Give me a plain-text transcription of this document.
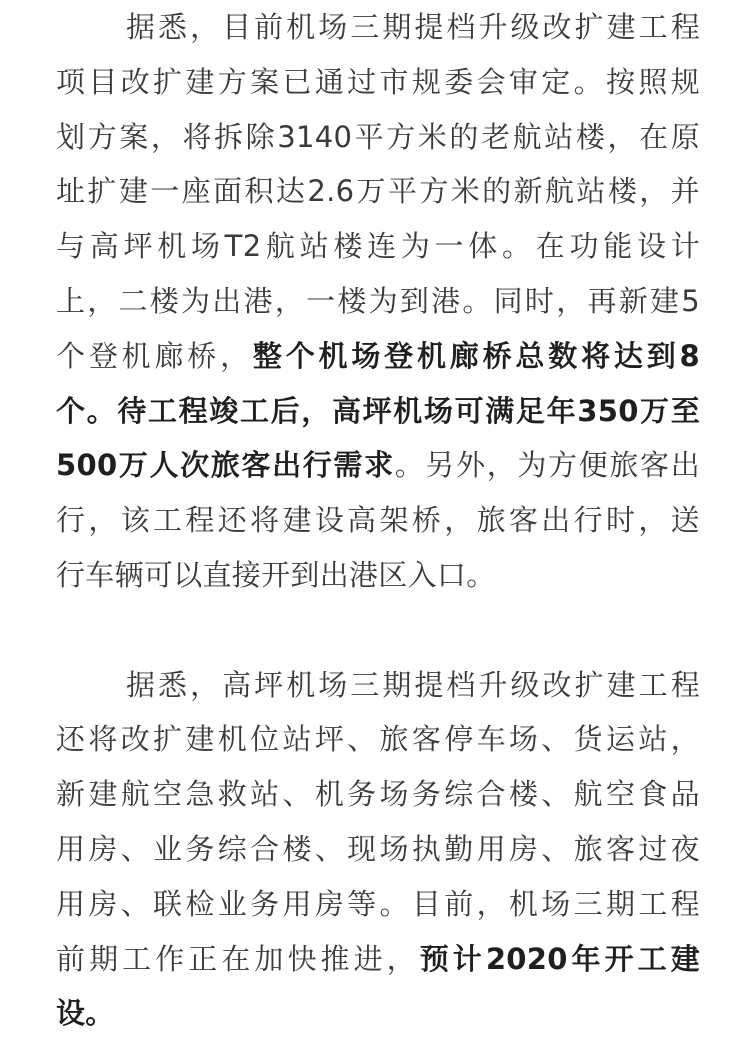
据悉，目前机场三期提档升级改扩建工程
项目改扩建方案已通过市规委会审定。按照规
划方案，将拆除3140平方米的老航站楼，在原
址扩建一座面积达2.6万平方米的新航站楼，并
与高坪机场T2航站楼连为一体。在功能设计
上，二楼为出港，一楼为到港。同时，再新建5
个登机廊桥，整个机场登机廊桥总数将达到8
个。待工程竣工后，高坪机场可满足年350万至
500万人次旅客出行需求。另外，为方便旅客出
行，该工程还将建设高架桥，旅客出行时，送
行车辆可以直接开到出港区入口。
据悉，高坪机场三期提档升级改扩建工程
还将改扩建机位站坪、旅客停车场、货运站，
新建航空急救站、机务场务综合楼、航空食品
用房、业务综合楼、现场执勤用房、旅客过夜
用房、联检业务用房等。目前，机场三期工程
前期工作正在加快推进，预计2020年开工建
设。
